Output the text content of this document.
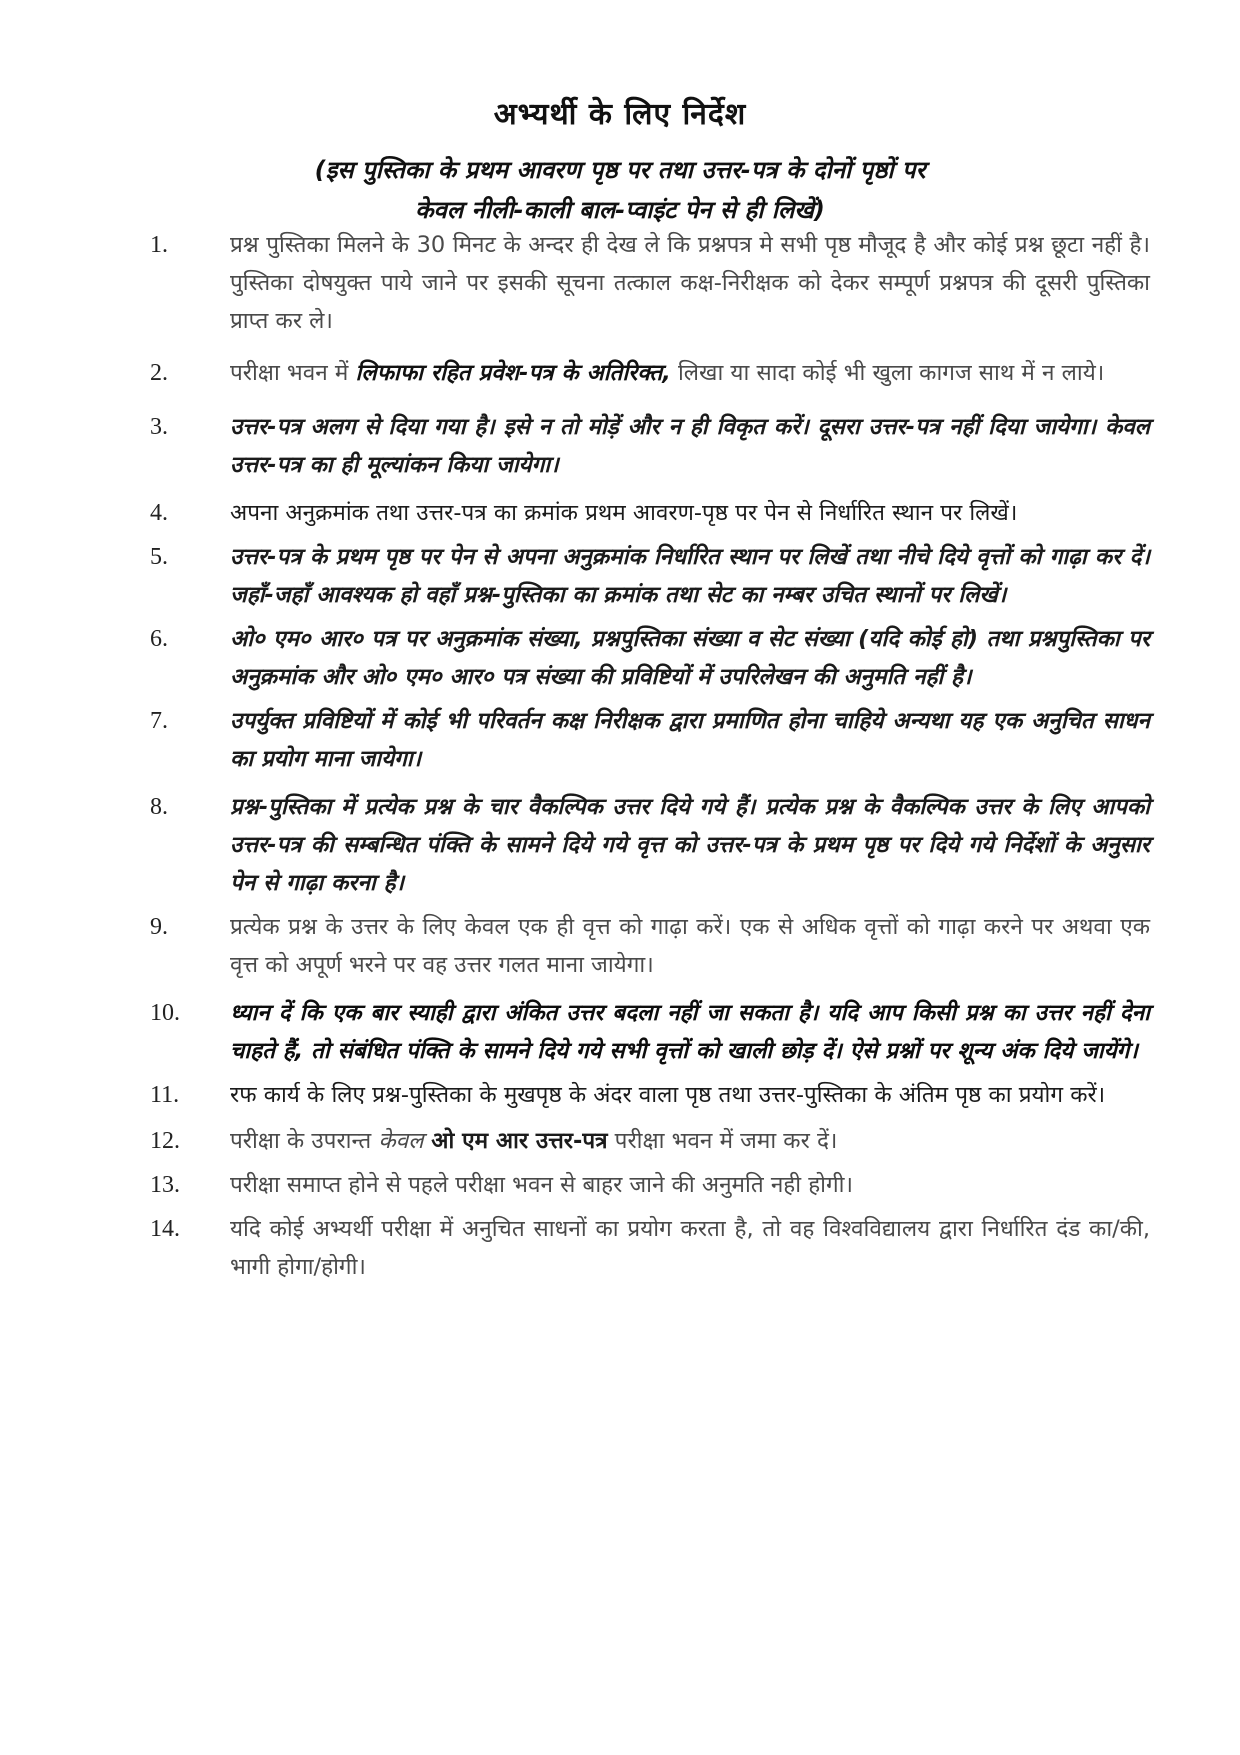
अभ्यर्थी के लिए निर्देश
(इस पुस्तिका के प्रथम आवरण पृष्ठ पर तथा उत्तर-पत्र के दोनों पृष्ठों पर
केवल नीली-काली बाल-प्वाइंट पेन से ही लिखें)
1.	प्रश्न पुस्तिका मिलने के 30 मिनट के अन्दर ही देख ले कि प्रश्नपत्र मे सभी पृष्ठ मौजूद है और कोई प्रश्न छूटा नहीं है। पुस्तिका दोषयुक्त पाये जाने पर इसकी सूचना तत्काल कक्ष-निरीक्षक को देकर सम्पूर्ण प्रश्नपत्र की दूसरी पुस्तिका प्राप्त कर ले।
2.	परीक्षा भवन में लिफाफा रहित प्रवेश-पत्र के अतिरिक्त, लिखा या सादा कोई भी खुला कागज साथ में न लाये।
3.	उत्तर-पत्र अलग से दिया गया है। इसे न तो मोड़ें और न ही विकृत करें। दूसरा उत्तर-पत्र नहीं दिया जायेगा। केवल उत्तर-पत्र का ही मूल्यांकन किया जायेगा।
4.	अपना अनुक्रमांक तथा उत्तर-पत्र का क्रमांक प्रथम आवरण-पृष्ठ पर पेन से निर्धारित स्थान पर लिखें।
5.	उत्तर-पत्र के प्रथम पृष्ठ पर पेन से अपना अनुक्रमांक निर्धारित स्थान पर लिखें तथा नीचे दिये वृत्तों को गाढ़ा कर दें। जहाँ-जहाँ आवश्यक हो वहाँ प्रश्न-पुस्तिका का क्रमांक तथा सेट का नम्बर उचित स्थानों पर लिखें।
6.	ओ० एम० आर० पत्र पर अनुक्रमांक संख्या, प्रश्नपुस्तिका संख्या व सेट संख्या (यदि कोई हो) तथा प्रश्नपुस्तिका पर अनुक्रमांक और ओ० एम० आर० पत्र संख्या की प्रविष्टियों में उपरिलेखन की अनुमति नहीं है।
7.	उपर्युक्त प्रविष्टियों में कोई भी परिवर्तन कक्ष निरीक्षक द्वारा प्रमाणित होना चाहिये अन्यथा यह एक अनुचित साधन का प्रयोग माना जायेगा।
8.	प्रश्न-पुस्तिका में प्रत्येक प्रश्न के चार वैकल्पिक उत्तर दिये गये हैं। प्रत्येक प्रश्न के वैकल्पिक उत्तर के लिए आपको उत्तर-पत्र की सम्बन्धित पंक्ति के सामने दिये गये वृत्त को उत्तर-पत्र के प्रथम पृष्ठ पर दिये गये निर्देशों के अनुसार पेन से गाढ़ा करना है।
9.	प्रत्येक प्रश्न के उत्तर के लिए केवल एक ही वृत्त को गाढ़ा करें। एक से अधिक वृत्तों को गाढ़ा करने पर अथवा एक वृत्त को अपूर्ण भरने पर वह उत्तर गलत माना जायेगा।
10.	ध्यान दें कि एक बार स्याही द्वारा अंकित उत्तर बदला नहीं जा सकता है। यदि आप किसी प्रश्न का उत्तर नहीं देना चाहते हैं, तो संबंधित पंक्ति के सामने दिये गये सभी वृत्तों को खाली छोड़ दें। ऐसे प्रश्नों पर शून्य अंक दिये जायेंगे।
11.	रफ कार्य के लिए प्रश्न-पुस्तिका के मुखपृष्ठ के अंदर वाला पृष्ठ तथा उत्तर-पुस्तिका के अंतिम पृष्ठ का प्रयोग करें।
12.	परीक्षा के उपरान्त केवल ओ एम आर उत्तर-पत्र परीक्षा भवन में जमा कर दें।
13.	परीक्षा समाप्त होने से पहले परीक्षा भवन से बाहर जाने की अनुमति नही होगी।
14.	यदि कोई अभ्यर्थी परीक्षा में अनुचित साधनों का प्रयोग करता है, तो वह विश्वविद्यालय द्वारा निर्धारित दंड का/की, भागी होगा/होगी।
